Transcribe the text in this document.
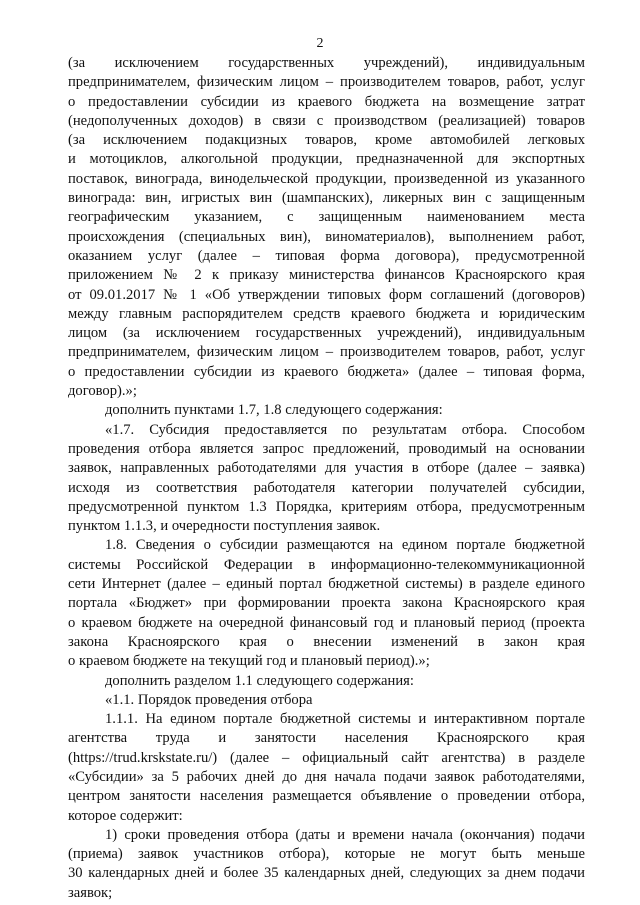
2
(за исключением государственных учреждений), индивидуальным
предпринимателем, физическим лицом – производителем товаров, работ, услуг
о предоставлении субсидии из краевого бюджета на возмещение затрат
(недополученных доходов) в связи с производством (реализацией) товаров
(за исключением подакцизных товаров, кроме автомобилей легковых
и мотоциклов, алкогольной продукции, предназначенной для экспортных
поставок, винограда, винодельческой продукции, произведенной из указанного
винограда: вин, игристых вин (шампанских), ликерных вин с защищенным
географическим указанием, с защищенным наименованием места
происхождения (специальных вин), виноматериалов), выполнением работ,
оказанием услуг (далее – типовая форма договора), предусмотренной
приложением № 2 к приказу министерства финансов Красноярского края
от 09.01.2017 № 1 «Об утверждении типовых форм соглашений (договоров)
между главным распорядителем средств краевого бюджета и юридическим
лицом (за исключением государственных учреждений), индивидуальным
предпринимателем, физическим лицом – производителем товаров, работ, услуг
о предоставлении субсидии из краевого бюджета» (далее – типовая форма,
договор).»;
дополнить пунктами 1.7, 1.8 следующего содержания:
«1.7. Субсидия предоставляется по результатам отбора. Способом
проведения отбора является запрос предложений, проводимый на основании
заявок, направленных работодателями для участия в отборе (далее – заявка)
исходя из соответствия работодателя категории получателей субсидии,
предусмотренной пунктом 1.3 Порядка, критериям отбора, предусмотренным
пунктом 1.1.3, и очередности поступления заявок.
1.8. Сведения о субсидии размещаются на едином портале бюджетной
системы Российской Федерации в информационно-телекоммуникационной
сети Интернет (далее – единый портал бюджетной системы) в разделе единого
портала «Бюджет» при формировании проекта закона Красноярского края
о краевом бюджете на очередной финансовый год и плановый период (проекта
закона Красноярского края о внесении изменений в закон края
о краевом бюджете на текущий год и плановый период).»;
дополнить разделом 1.1 следующего содержания:
«1.1. Порядок проведения отбора
1.1.1. На едином портале бюджетной системы и интерактивном портале
агентства труда и занятости населения Красноярского края
(https://trud.krskstate.ru/) (далее – официальный сайт агентства) в разделе
«Субсидии» за 5 рабочих дней до дня начала подачи заявок работодателями,
центром занятости населения размещается объявление о проведении отбора,
которое содержит:
1) сроки проведения отбора (даты и времени начала (окончания) подачи
(приема) заявок участников отбора), которые не могут быть меньше
30 календарных дней и более 35 календарных дней, следующих за днем подачи
заявок;
